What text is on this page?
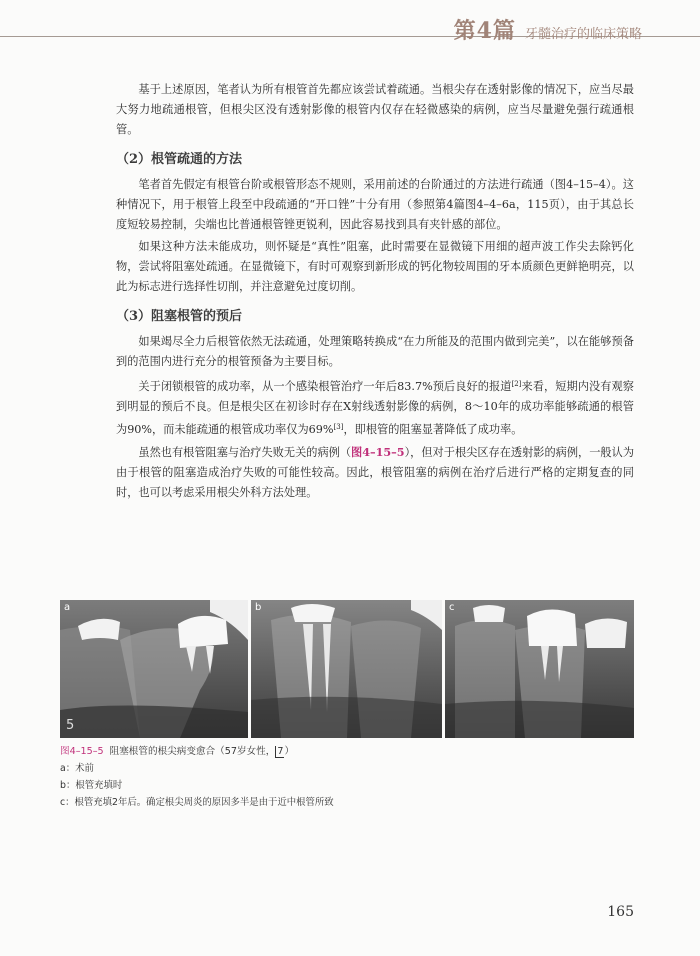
第4篇 牙髓治疗的临床策略

基于上述原因，笔者认为所有根管首先都应该尝试着疏通。当根尖存在透射影像的情况下，应当尽最大努力地疏通根管，但根尖区没有透射影像的根管内仅存在轻微感染的病例，应当尽量避免强行疏通根管。

（2）根管疏通的方法

笔者首先假定有根管台阶或根管形态不规则，采用前述的台阶通过的方法进行疏通（图4–15–4）。这种情况下，用于根管上段至中段疏通的“开口锉”十分有用（参照第4篇图4–4–6a，115页），由于其总长度短较易控制，尖端也比普通根管锉更锐利，因此容易找到具有夹针感的部位。

如果这种方法未能成功，则怀疑是“真性”阻塞，此时需要在显微镜下用细的超声波工作尖去除钙化物，尝试将阻塞处疏通。在显微镜下，有时可观察到新形成的钙化物较周围的牙本质颜色更鲜艳明亮，以此为标志进行选择性切削，并注意避免过度切削。

（3）阻塞根管的预后

如果竭尽全力后根管依然无法疏通，处理策略转换成“在力所能及的范围内做到完美”，以在能够预备到的范围内进行充分的根管预备为主要目标。

关于闭锁根管的成功率，从一个感染根管治疗一年后83.7%预后良好的报道[2]来看，短期内没有观察到明显的预后不良。但是根尖区在初诊时存在X射线透射影像的病例，8～10年的成功率能够疏通的根管为90%，而未能疏通的根管成功率仅为69%[3]，即根管的阻塞显著降低了成功率。

虽然也有根管阻塞与治疗失败无关的病例（图4–15–5），但对于根尖区存在透射影的病例，一般认为由于根管的阻塞造成治疗失败的可能性较高。因此，根管阻塞的病例在治疗后进行严格的定期复查的同时，也可以考虑采用根尖外科方法处理。

a
5
b	c
图4–15–5 阻塞根管的根尖病变愈合（57岁女性， 7）
a：术前
b：根管充填时
c：根管充填2年后。确定根尖周炎的原因多半是由于近中根管所致
165
